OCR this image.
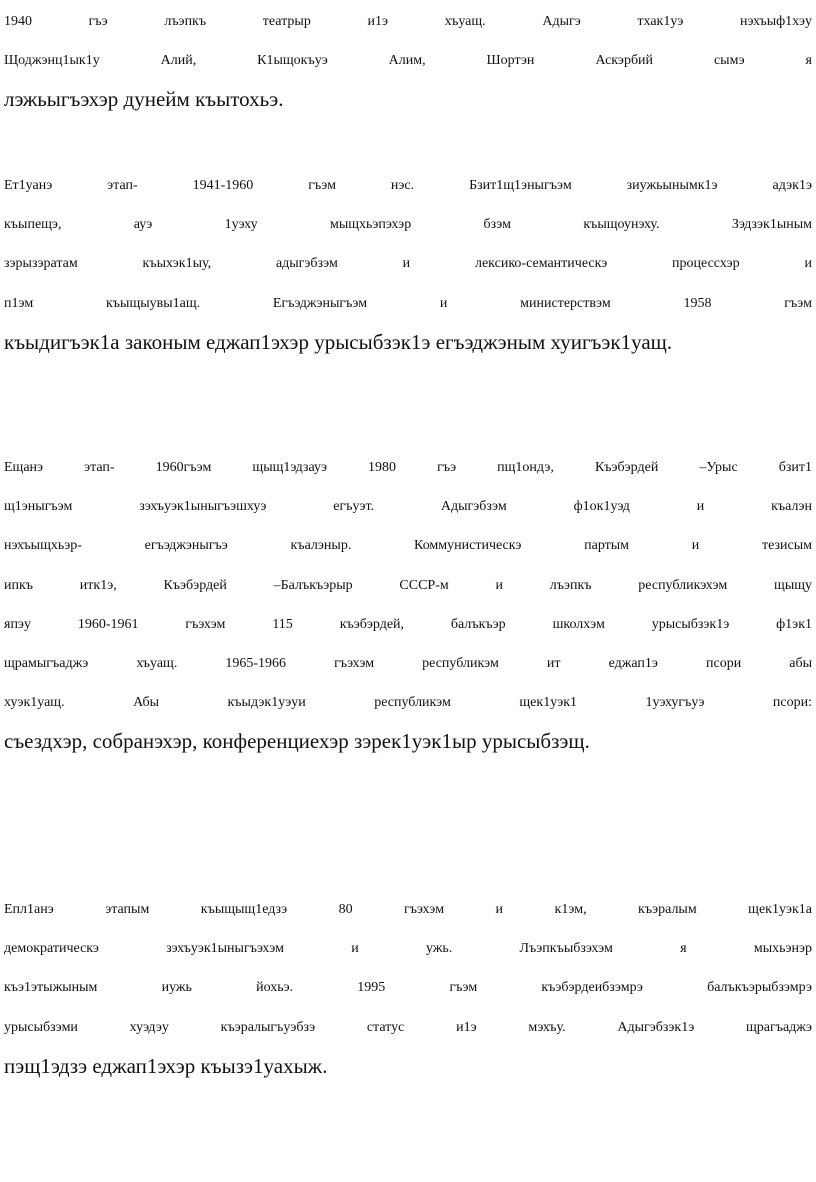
1940 гъэ лъэпкъ театрыр и1э хъуащ. Адыгэ тхак1уэ нэхъыф1хэу
Щоджэнц1ык1у Алий, К1ыщокъуэ Алим, Шортэн Аскэрбий сымэ я
лэжьыгъэхэр дунейм къытохьэ.
Ет1уанэ этап- 1941-1960 гъэм нэс. Бзит1щ1эныгъэм зиужьынымк1э адэк1э
къыпещэ, ауэ 1уэху мыщхьэпэхэр бзэм къыщоунэху. Зэдзэк1ыным
зэрызэратам къыхэк1ыу, адыгэбзэм и лексико-семантическэ процессхэр и
п1эм къыщыувы1ащ. Егъэджэныгъэм и министерствэм 1958 гъэм
къыдигъэк1а законым еджап1эхэр урысыбзэк1э егъэджэным хуигъэк1уащ.
Ещанэ этап- 1960гъэм щыщ1эдзауэ 1980 гъэ пщ1ондэ, Къэбэрдей –Урыс бзит1
щ1эныгъэм зэхъуэк1ыныгъэшхуэ егъуэт. Адыгэбзэм ф1ок1уэд и къалэн
нэхъыщхьэр- егъэджэныгъэ къалэныр. Коммунистическэ партым и тезисым
ипкъ итк1э, Къэбэрдей –Балъкъэрыр СССР-м и лъэпкъ республикэхэм щыщу
япэу 1960-1961 гъэхэм 115 къэбэрдей, балъкъэр школхэм урысыбзэк1э ф1эк1
щрамыгъаджэ хъуащ. 1965-1966 гъэхэм республикэм ит еджап1э псори абы
хуэк1уащ. Абы къыдэк1уэуи республикэм щек1уэк1 1уэхугъуэ псори:
съездхэр, собранэхэр, конференциехэр зэрек1уэк1ыр урысыбзэщ.
Епл1анэ этапым къыщыщ1едзэ 80 гъэхэм и к1эм, къэралым щек1уэк1а
демократическэ зэхъуэк1ыныгъэхэм и ужь. Лъэпкъыбзэхэм я мыхьэнэр
къэ1этыжыным иужь йохьэ. 1995 гъэм къэбэрдеибзэмрэ балъкъэрыбзэмрэ
урысыбзэми хуэдэу къэралыгъуэбзэ статус и1э мэхъу. Адыгэбзэк1э щрагъаджэ
пэщ1эдзэ еджап1эхэр къызэ1уахыж.
